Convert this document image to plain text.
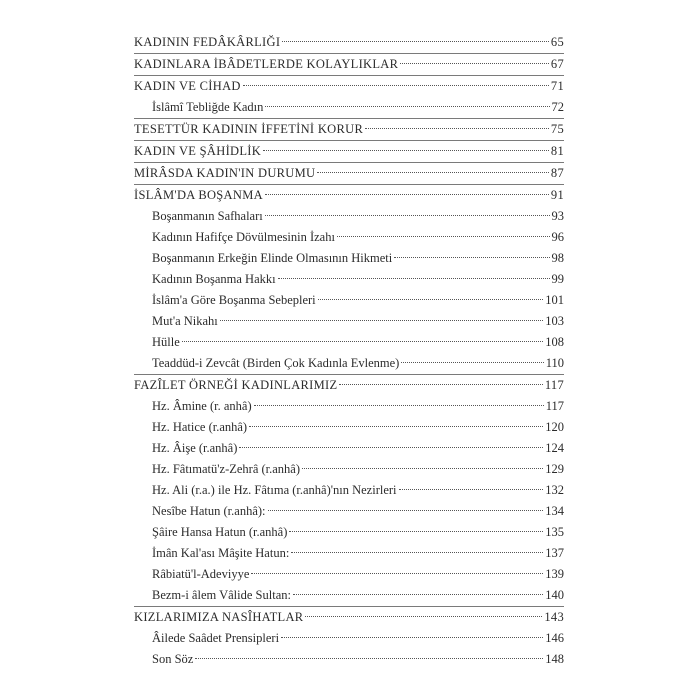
KADININ FEDÂKÂRLIĞI	65
KADINLARA İBÂDETLERDE KOLAYLIKLAR	67
KADIN VE CİHAD	71
İslâmî Tebliğde Kadın	72
TESETTÜR KADININ İFFETİNİ KORUR	75
KADIN VE ŞÂHİDLİK	81
MİRÂSDA KADIN'IN DURUMU	87
İSLÂM'DA BOŞANMA	91
Boşanmanın Safhaları	93
Kadının Hafifçe Dövülmesinin İzahı	96
Boşanmanın Erkeğin Elinde Olmasının Hikmeti	98
Kadının Boşanma Hakkı	99
İslâm'a Göre Boşanma Sebepleri	101
Mut'a Nikahı	103
Hülle	108
Teaddüd-i Zevcât (Birden Çok Kadınla Evlenme)	110
FAZÎLET ÖRNEĞİ KADINLARIMIZ	117
Hz. Âmine (r. anhâ)	117
Hz. Hatice (r.anhâ)	120
Hz. Âişe (r.anhâ)	124
Hz. Fâtımatü'z-Zehrâ (r.anhâ)	129
Hz. Ali (r.a.) ile Hz. Fâtıma (r.anhâ)'nın Nezirleri	132
Nesîbe Hatun (r.anhâ):	134
Şâire Hansa Hatun (r.anhâ)	135
İmân Kal'ası Mâşite Hatun:	137
Râbiatü'l-Adeviyye	139
Bezm-i âlem Vâlide Sultan:	140
KIZLARIMIZA NASÎHATLAR	143
Âilede Saâdet Prensipleri	146
Son Söz	148
